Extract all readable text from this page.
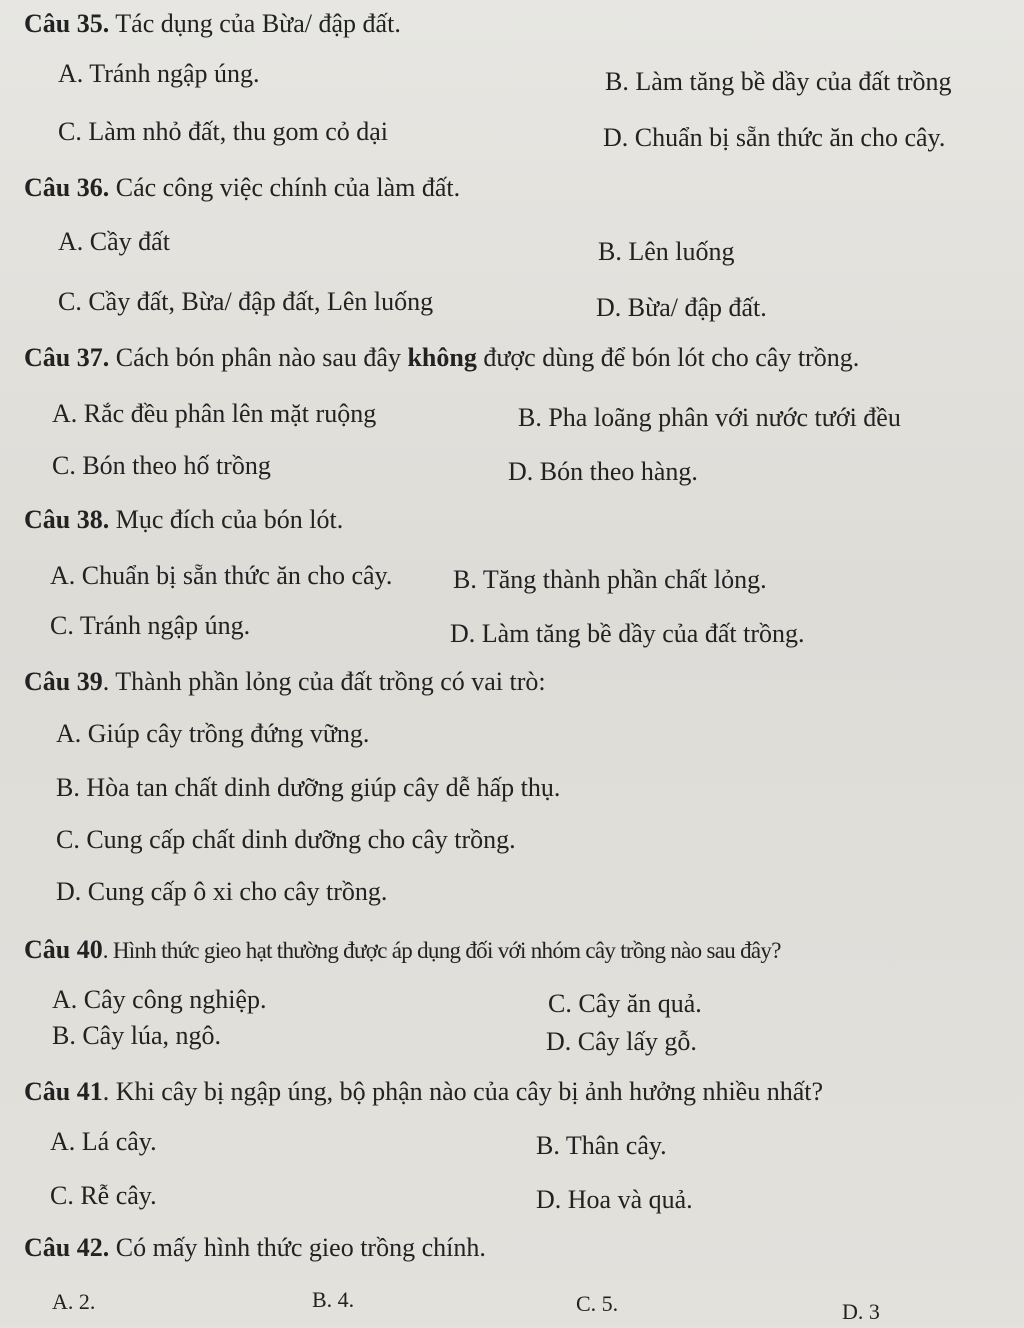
Câu 35. Tác dụng của Bừa/ đập đất.
A. Tránh ngập úng.	B. Làm tăng bề dầy của đất trồng
C. Làm nhỏ đất, thu gom cỏ dại	D. Chuẩn bị sẵn thức ăn cho cây.
Câu 36. Các công việc chính của làm đất.
A. Cầy đất	B. Lên luống
C. Cầy đất, Bừa/ đập đất, Lên luống	D. Bừa/ đập đất.
Câu 37. Cách bón phân nào sau đây không được dùng để bón lót cho cây trồng.
A. Rắc đều phân lên mặt ruộng	B. Pha loãng phân với nước tưới đều
C. Bón theo hố trồng	D. Bón theo hàng.
Câu 38. Mục đích của bón lót.
A. Chuẩn bị sẵn thức ăn cho cây. B. Tăng thành phần chất lỏng.
C. Tránh ngập úng.	D. Làm tăng bề dầy của đất trồng.
Câu 39. Thành phần lỏng của đất trồng có vai trò:
A. Giúp cây trồng đứng vững.
B. Hòa tan chất dinh dưỡng giúp cây dễ hấp thụ.
C. Cung cấp chất dinh dưỡng cho cây trồng.
D. Cung cấp ô xi cho cây trồng.
Câu 40. Hình thức gieo hạt thường được áp dụng đối với nhóm cây trồng nào sau đây?
A. Cây công nghiệp.	C. Cây ăn quả.
B. Cây lúa, ngô.	D. Cây lấy gỗ.
Câu 41. Khi cây bị ngập úng, bộ phận nào của cây bị ảnh hưởng nhiều nhất?
A. Lá cây.	B. Thân cây.
C. Rễ cây.	D. Hoa và quả.
Câu 42. Có mấy hình thức gieo trồng chính.
A. 2.	B. 4.	C. 5.	D. 3
